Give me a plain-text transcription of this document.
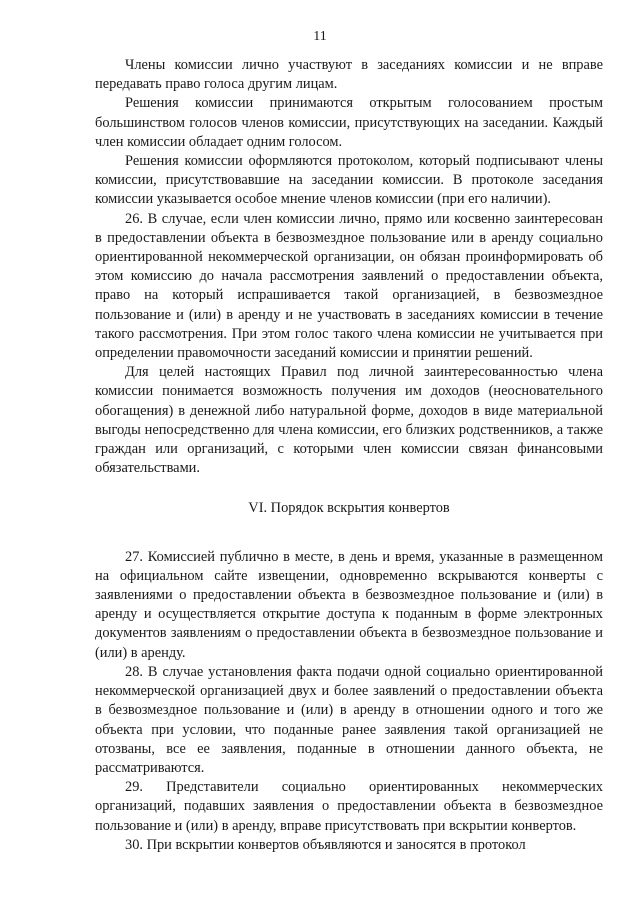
11

Члены комиссии лично участвуют в заседаниях комиссии и не вправе передавать право голоса другим лицам.

Решения комиссии принимаются открытым голосованием простым большинством голосов членов комиссии, присутствующих на заседании. Каждый член комиссии обладает одним голосом.

Решения комиссии оформляются протоколом, который подписывают члены комиссии, присутствовавшие на заседании комиссии. В протоколе заседания комиссии указывается особое мнение членов комиссии (при его наличии).

26. В случае, если член комиссии лично, прямо или косвенно заинтересован в предоставлении объекта в безвозмездное пользование или в аренду социально ориентированной некоммерческой организации, он обязан проинформировать об этом комиссию до начала рассмотрения заявлений о предоставлении объекта, право на который испрашивается такой организацией, в безвозмездное пользование и (или) в аренду и не участвовать в заседаниях комиссии в течение такого рассмотрения. При этом голос такого члена комиссии не учитывается при определении правомочности заседаний комиссии и принятии решений.

Для целей настоящих Правил под личной заинтересованностью члена комиссии понимается возможность получения им доходов (неосновательного обогащения) в денежной либо натуральной форме, доходов в виде материальной выгоды непосредственно для члена комиссии, его близких родственников, а также граждан или организаций, с которыми член комиссии связан финансовыми обязательствами.

VI. Порядок вскрытия конвертов

27. Комиссией публично в месте, в день и время, указанные в размещенном на официальном сайте извещении, одновременно вскрываются конверты с заявлениями о предоставлении объекта в безвозмездное пользование и (или) в аренду и осуществляется открытие доступа к поданным в форме электронных документов заявлениям о предоставлении объекта в безвозмездное пользование и (или) в аренду.

28. В случае установления факта подачи одной социально ориентированной некоммерческой организацией двух и более заявлений о предоставлении объекта в безвозмездное пользование и (или) в аренду в отношении одного и того же объекта при условии, что поданные ранее заявления такой организацией не отозваны, все ее заявления, поданные в отношении данного объекта, не рассматриваются.

29. Представители социально ориентированных некоммерческих организаций, подавших заявления о предоставлении объекта в безвозмездное пользование и (или) в аренду, вправе присутствовать при вскрытии конвертов.

30. При вскрытии конвертов объявляются и заносятся в протокол
